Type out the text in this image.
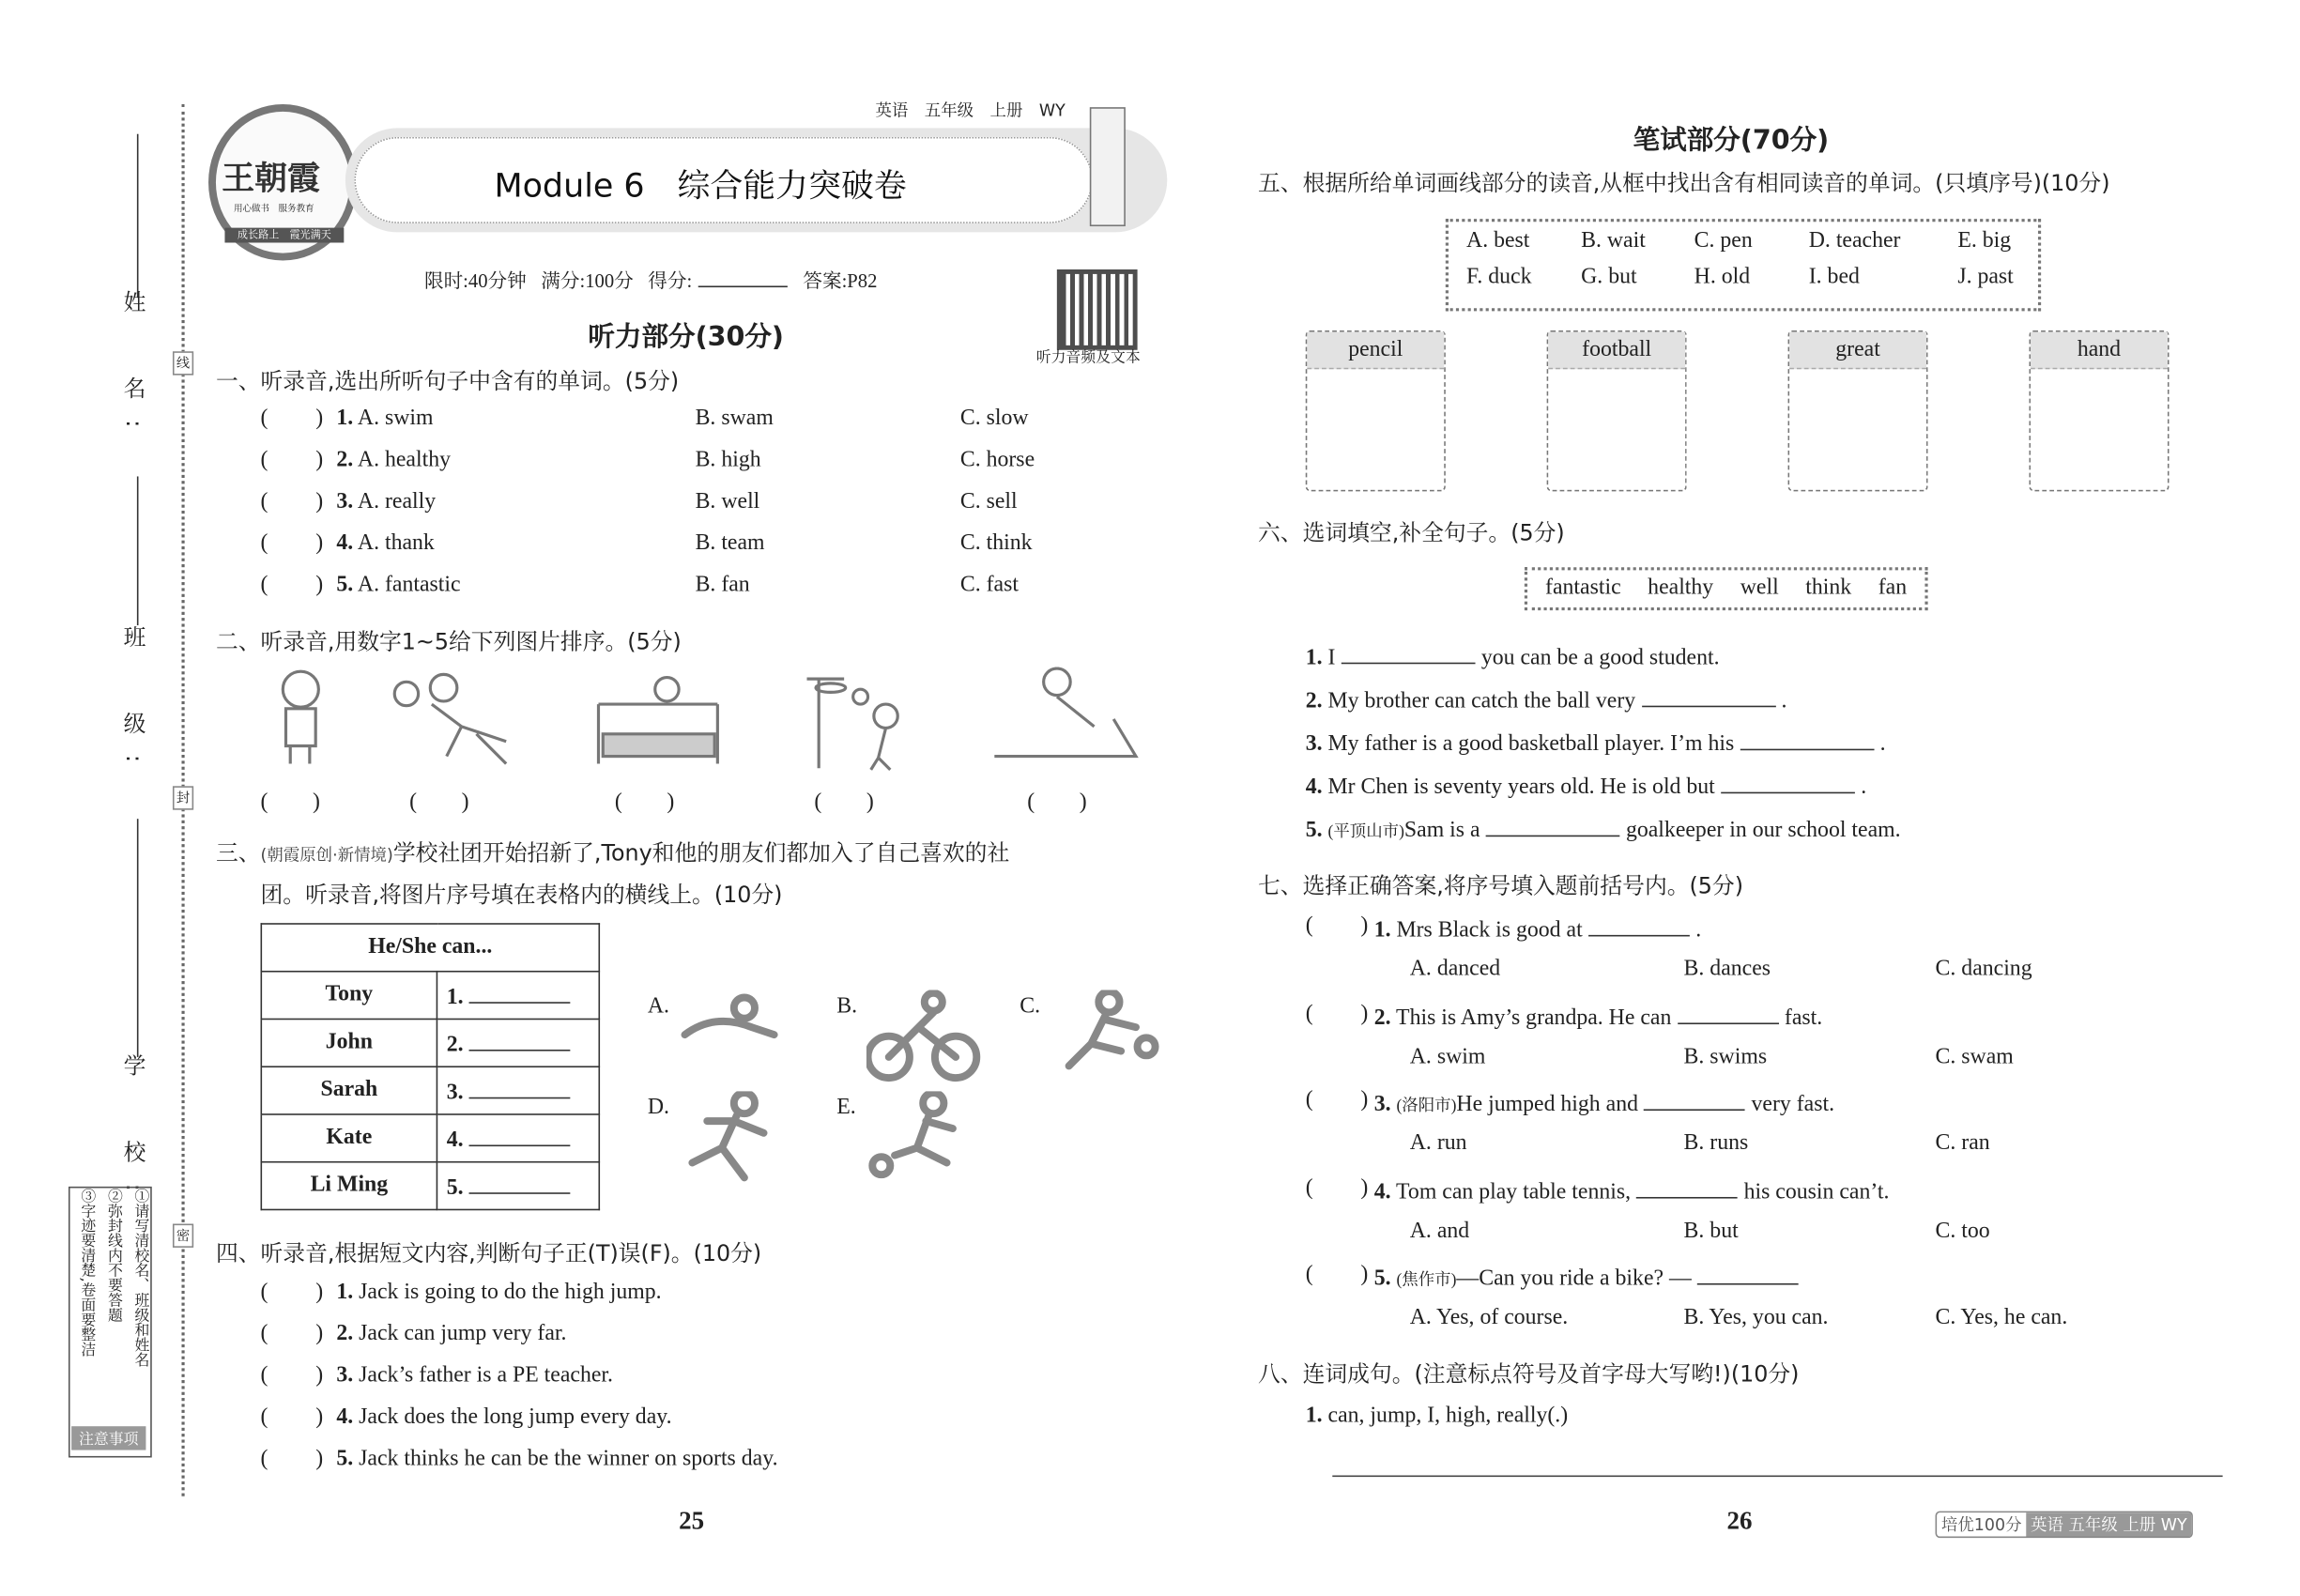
线
封
密
姓　名:
班　级:
学　校:
①请写清校名、班级和姓名
②弥封线内不要答题
③字迹要清楚,卷面要整洁
注意事项
王朝霞
用心做书　服务教育
成长路上　霞光满天
英语　五年级　上册　WY
Module 6　综合能力突破卷
限时:40分钟 满分:100分 得分:	答案:P82
听力音频及文本
听力部分(30分)
一、听录音,选出所听句子中含有的单词。(5分)
(	) 1. A. swim	B. swam	C. slow
(	) 2. A. healthy	B. high	C. horse
(	) 3. A. really	B. well	C. sell
(	) 4. A. thank	B. team	C. think
(	) 5. A. fantastic	B. fan	C. fast
二、听录音,用数字1~5给下列图片排序。(5分)
(　　)	(　　)	(　　)	(　　)	(　　)
三、(朝霞原创·新情境)学校社团开始招新了,Tony和他的朋友们都加入了自己喜欢的社
团。听录音,将图片序号填在表格内的横线上。(10分)
He/She can...	
Tony	1.
John	2.
Sarah	3.
Kate	4.
Li Ming	5.
A.	B.	C.
D.	E.
四、听录音,根据短文内容,判断句子正(T)误(F)。(10分)
(	) 1. Jack is going to do the high jump.
(	) 2. Jack can jump very far.
(	) 3. Jack’s father is a PE teacher.
(	) 4. Jack does the long jump every day.
(	) 5. Jack thinks he can be the winner on sports day.
25
笔试部分(70分)
五、根据所给单词画线部分的读音,从框中找出含有相同读音的单词。(只填序号)(10分)
A. best	B. wait	C. pen	D. teacher	E. big
F. duck	G. but	H. old	I. bed	J. past
pencil	football	great	hand
六、选词填空,补全句子。(5分)
fantastic healthy well think fan
1. I	you can be a good student.
2. My brother can catch the ball very	.
3. My father is a good basketball player. I’m his	.
4. Mr Chen is seventy years old. He is old but	.
5. (平顶山市)Sam is a	goalkeeper in our school team.
七、选择正确答案,将序号填入题前括号内。(5分)
(	) 1. Mrs Black is good at	.
A. danced	B. dances	C. dancing
(	) 2. This is Amy’s grandpa. He can	fast.
A. swim	B. swims	C. swam
(	) 3. (洛阳市)He jumped high and	very fast.
A. run	B. runs	C. ran
(	) 4. Tom can play table tennis,	his cousin can’t.
A. and	B. but	C. too
(	) 5. (焦作市)—Can you ride a bike? —
A. Yes, of course.	B. Yes, you can.	C. Yes, he can.
八、连词成句。(注意标点符号及首字母大写哟!)(10分)
1. can, jump, I, high, really(.)
26	培优100分 英语 五年级 上册 WY
